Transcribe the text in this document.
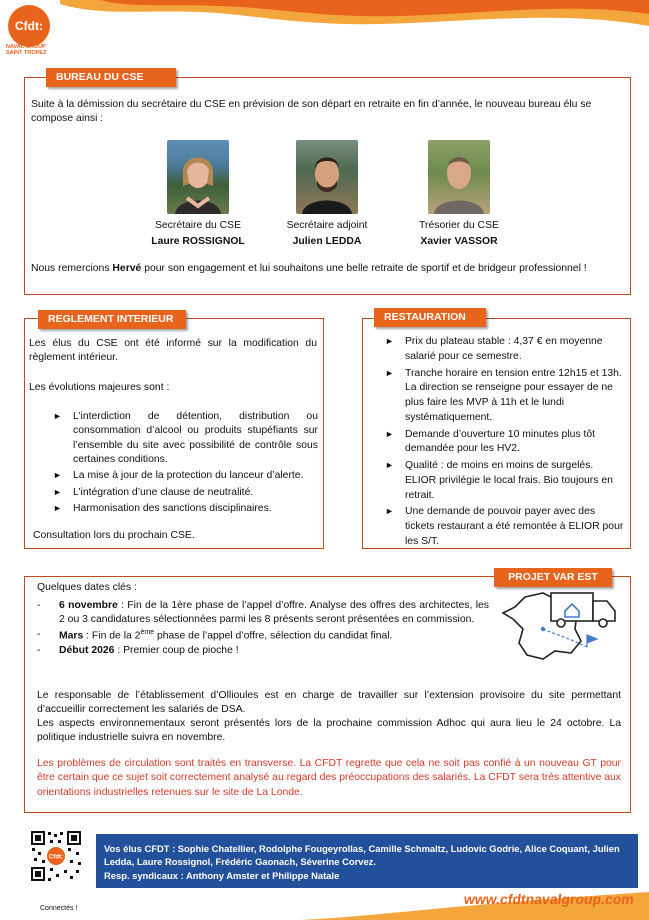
Cfdt:
NAVAL GROUP SAINT TROPEZ
Suite à la démission du secrétaire du CSE en prévision de son départ en retraite en fin d’année, le nouveau bureau élu se compose ainsi :
Secrétaire du CSE
Laure ROSSIGNOL
Secrétaire adjoint
Julien LEDDA
Trésorier du CSE
Xavier VASSOR
Nous remercions Hervé pour son engagement et lui souhaitons une belle retraite de sportif et de bridgeur professionnel !
BUREAU DU CSE
Les élus du CSE ont été informé sur la modification du règlement intérieur.
Les évolutions majeures sont :
► L’interdiction de détention, distribution ou consommation d’alcool ou produits stupéfiants sur l’ensemble du site avec possibilité de contrôle sous certaines conditions.
► La mise à jour de la protection du lanceur d’alerte.
► L’intégration d’une clause de neutralité.
► Harmonisation des sanctions disciplinaires.
Consultation lors du prochain CSE.
REGLEMENT INTERIEUR
► Prix du plateau stable : 4,37 € en moyenne salarié pour ce semestre.
► Tranche horaire en tension entre 12h15 et 13h. La direction se renseigne pour essayer de ne plus faire les MVP à 11h et le lundi systématiquement.
► Demande d’ouverture 10 minutes plus tôt demandée pour les HV2.
► Qualité : de moins en moins de surgelés. ELIOR privilégie le local frais. Bio toujours en retrait.
► Une demande de pouvoir payer avec des tickets restaurant a été remontée à ELIOR pour les S/T.
RESTAURATION
Quelques dates clés :
- 6 novembre : Fin de la 1ère phase de l’appel d’offre. Analyse des offres des architectes, les 2 ou 3 candidatures sélectionnées parmi les 8 présents seront présentées en commission.
- Mars : Fin de la 2ème phase de l’appel d’offre, sélection du candidat final.
- Début 2026 : Premier coup de pioche !
Le responsable de l’établissement d’Ollioules est en charge de travailler sur l’extension provisoire du site permettant d’accueillir correctement les salariés de DSA.
Les aspects environnementaux seront présentés lors de la prochaine commission Adhoc qui aura lieu le 24 octobre. La politique industrielle suivra en novembre.
Les problèmes de circulation sont traités en transverse. La CFDT regrette que cela ne soit pas confié à un nouveau GT pour être certain que ce sujet soit correctement analysé au regard des préoccupations des salariés. La CFDT sera très attentive aux orientations industrielles retenues sur le site de La Londe.
PROJET VAR EST
Cfdt:
Connectés !
Vos élus CFDT : Sophie Chatellier, Rodolphe Fougeyrollas, Camille Schmaltz, Ludovic Godrie, Alice Coquant, Julien Ledda, Laure Rossignol, Frédéric Gaonach, Séverine Corvez.
Resp. syndicaux : Anthony Amster et Philippe Natale
www.cfdtnavalgroup.com
